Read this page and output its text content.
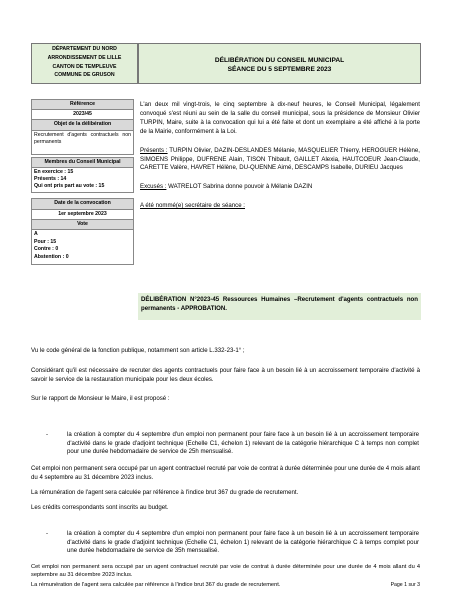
DÉPARTEMENT DU NORD
ARRONDISSEMENT DE LILLE
CANTON DE TEMPLEUVE
COMMUNE DE GRUSON
DÉLIBÉRATION DU CONSEIL MUNICIPAL
SÉANCE DU 5 SEPTEMBRE 2023
Référence
2023/45
Objet de la délibération
Recrutement d'agents contractuels non permanents
Membres du Conseil Municipal
En exercice : 15
Présents : 14
Qui ont pris part au vote : 15
Date de la convocation
1er septembre 2023
Vote
A
Pour : 15
Contre : 0
Abstention : 0

L'an deux mil vingt-trois, le cinq septembre à dix-neuf heures, le Conseil Municipal, légalement convoqué s'est réuni au sein de la salle du conseil municipal, sous la présidence de Monsieur Olivier TURPIN, Maire, suite à la convocation qui lui a été faite et dont un exemplaire a été affiché à la porte de la Mairie, conformément à la Loi.

Présents : TURPIN Olivier, DAZIN-DESLANDES Mélanie, MASQUELIER Thierry, HEROGUER Hélène, SIMOENS Philippe, DUFRENE Alain, TISON Thibault, GAILLET Alexia, HAUTCOEUR Jean-Claude, CARETTE Valère, HAVRET Hélène, DU-QUENNE Aimé, DESCAMPS Isabelle, DURIEU Jacques

Excusés : WATRELOT Sabrina donne pouvoir à Mélanie DAZIN

A été nommé(e) secrétaire de séance :

DÉLIBÉRATION N°2023-45 Ressources Humaines –Recrutement d'agents contractuels non permanents - APPROBATION.
Vu le code général de la fonction publique, notamment son article L.332-23-1° ;
Considérant qu'il est nécessaire de recruter des agents contractuels pour faire face à un besoin lié à un accroissement temporaire d'activité à savoir le service de la restauration municipale pour les deux écoles.
Sur le rapport de Monsieur le Maire, il est proposé :
-	la création à compter du 4 septembre d'un emploi non permanent pour faire face à un besoin lié à un accroissement temporaire d'activité dans le grade d'adjoint technique (Echelle C1, échelon 1) relevant de la catégorie hiérarchique C à temps non complet pour une durée hebdomadaire de service de 25h mensualisé.
Cet emploi non permanent sera occupé par un agent contractuel recruté par voie de contrat à durée déterminée pour une durée de 4 mois allant du 4 septembre au 31 décembre 2023 inclus.
La rémunération de l'agent sera calculée par référence à l'indice brut 367 du grade de recrutement.
Les crédits correspondants sont inscrits au budget.
-	la création à compter du 4 septembre d'un emploi non permanent pour faire face à un besoin lié à un accroissement temporaire d'activité dans le grade d'adjoint technique (Echelle C1, échelon 1) relevant de la catégorie hiérarchique C à temps complet pour une durée hebdomadaire de service de 35h mensualisé.
Cet emploi non permanent sera occupé par un agent contractuel recruté par voie de contrat à durée déterminée pour une durée de 4 mois allant du 4 septembre au 31 décembre 2023 inclus.
La rémunération de l'agent sera calculée par référence à l'indice brut 367 du grade de recrutement.	Page 1 sur 3
